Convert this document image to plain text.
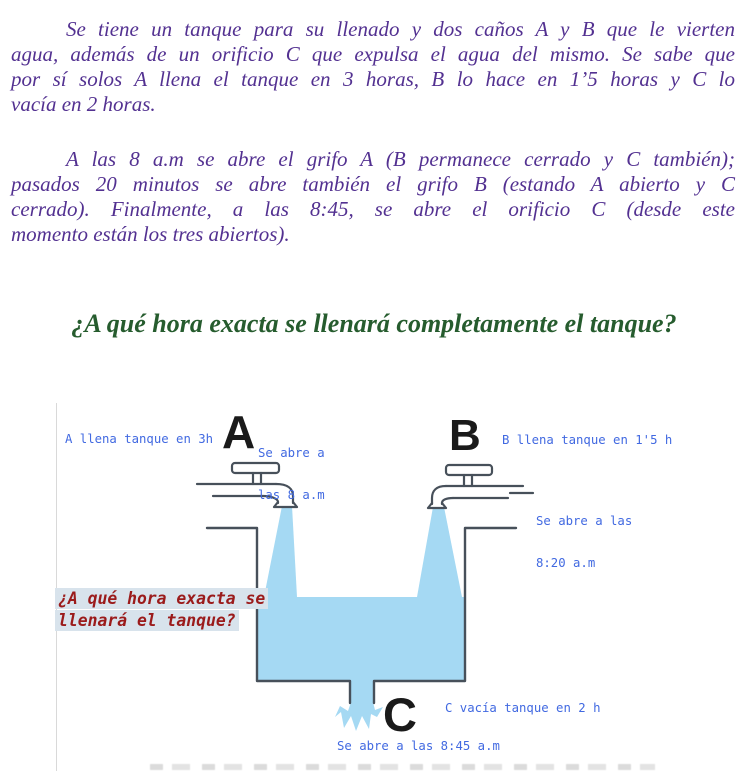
Se tiene un tanque para su llenado y dos caños A y B que le vierten
agua, además de un orificio C que expulsa el agua del mismo. Se sabe que
por sí solos A llena el tanque en 3 horas, B lo hace en 1’5 horas y C lo
vacía en 2 horas.
A las 8 a.m se abre el grifo A (B permanece cerrado y C también);
pasados 20 minutos se abre también el grifo B (estando A abierto y C
cerrado). Finalmente, a las 8:45, se abre el orificio C (desde este
momento están los tres abiertos).
¿A qué hora exacta se llenará completamente el tanque?
A	B
C
A llena tanque en 3h

Se abre a

las 8 a.m

B llena tanque en 1'5 h

Se abre a las

8:20 a.m

C vacía tanque en 2 h
Se abre a las 8:45 a.m
¿A qué hora exacta se
llenará el tanque?
